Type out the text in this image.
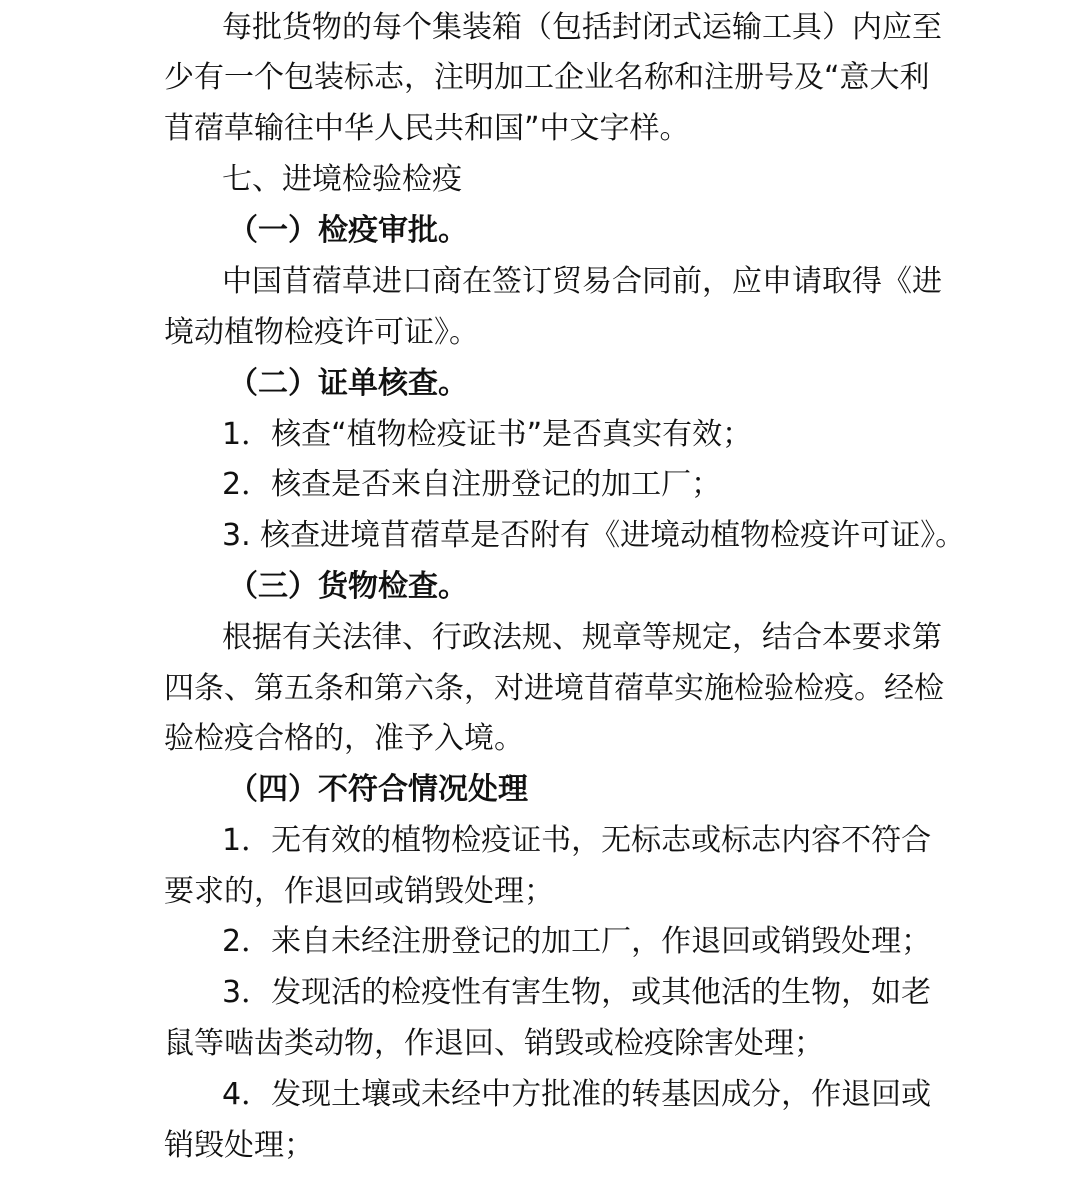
每批货物的每个集装箱（包括封闭式运输工具）内应至
少有一个包装标志，注明加工企业名称和注册号及“意大利
苜蓿草输往中华人民共和国”中文字样。
七、进境检验检疫
（一）检疫审批。
中国苜蓿草进口商在签订贸易合同前，应申请取得《进
境动植物检疫许可证》。
（二）证单核查。
1．核查“植物检疫证书”是否真实有效；
2．核查是否来自注册登记的加工厂；
3. 核查进境苜蓿草是否附有《进境动植物检疫许可证》。
（三）货物检查。
根据有关法律、行政法规、规章等规定，结合本要求第
四条、第五条和第六条，对进境苜蓿草实施检验检疫。经检
验检疫合格的，准予入境。
（四）不符合情况处理
1．无有效的植物检疫证书，无标志或标志内容不符合
要求的，作退回或销毁处理；
2．来自未经注册登记的加工厂，作退回或销毁处理；
3．发现活的检疫性有害生物，或其他活的生物，如老
鼠等啮齿类动物，作退回、销毁或检疫除害处理；
4．发现土壤或未经中方批准的转基因成分，作退回或
销毁处理；
